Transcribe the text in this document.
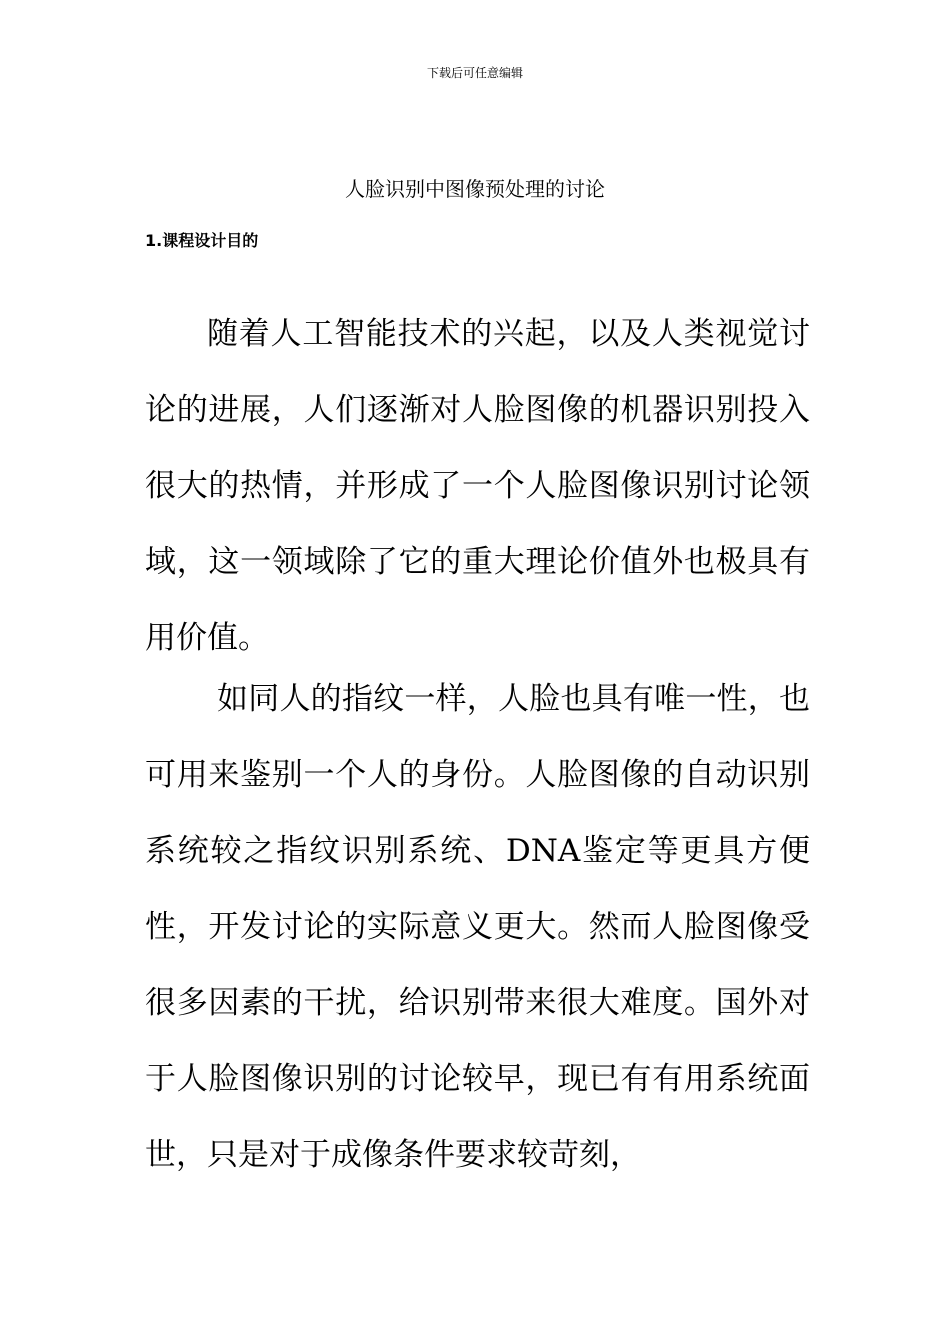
下载后可任意编辑
人脸识别中图像预处理的讨论
1.课程设计目的

随着人工智能技术的兴起，以及人类视觉讨论的进展，人们逐渐对人脸图像的机器识别投入很大的热情，并形成了一个人脸图像识别讨论领域，这一领域除了它的重大理论价值外也极具有用价值。

如同人的指纹一样，人脸也具有唯一性，也可用来鉴别一个人的身份。人脸图像的自动识别系统较之指纹识别系统、DNA鉴定等更具方便性，开发讨论的实际意义更大。然而人脸图像受很多因素的干扰，给识别带来很大难度。国外对于人脸图像识别的讨论较早，现已有有用系统面世，只是对于成像条件要求较苛刻，
